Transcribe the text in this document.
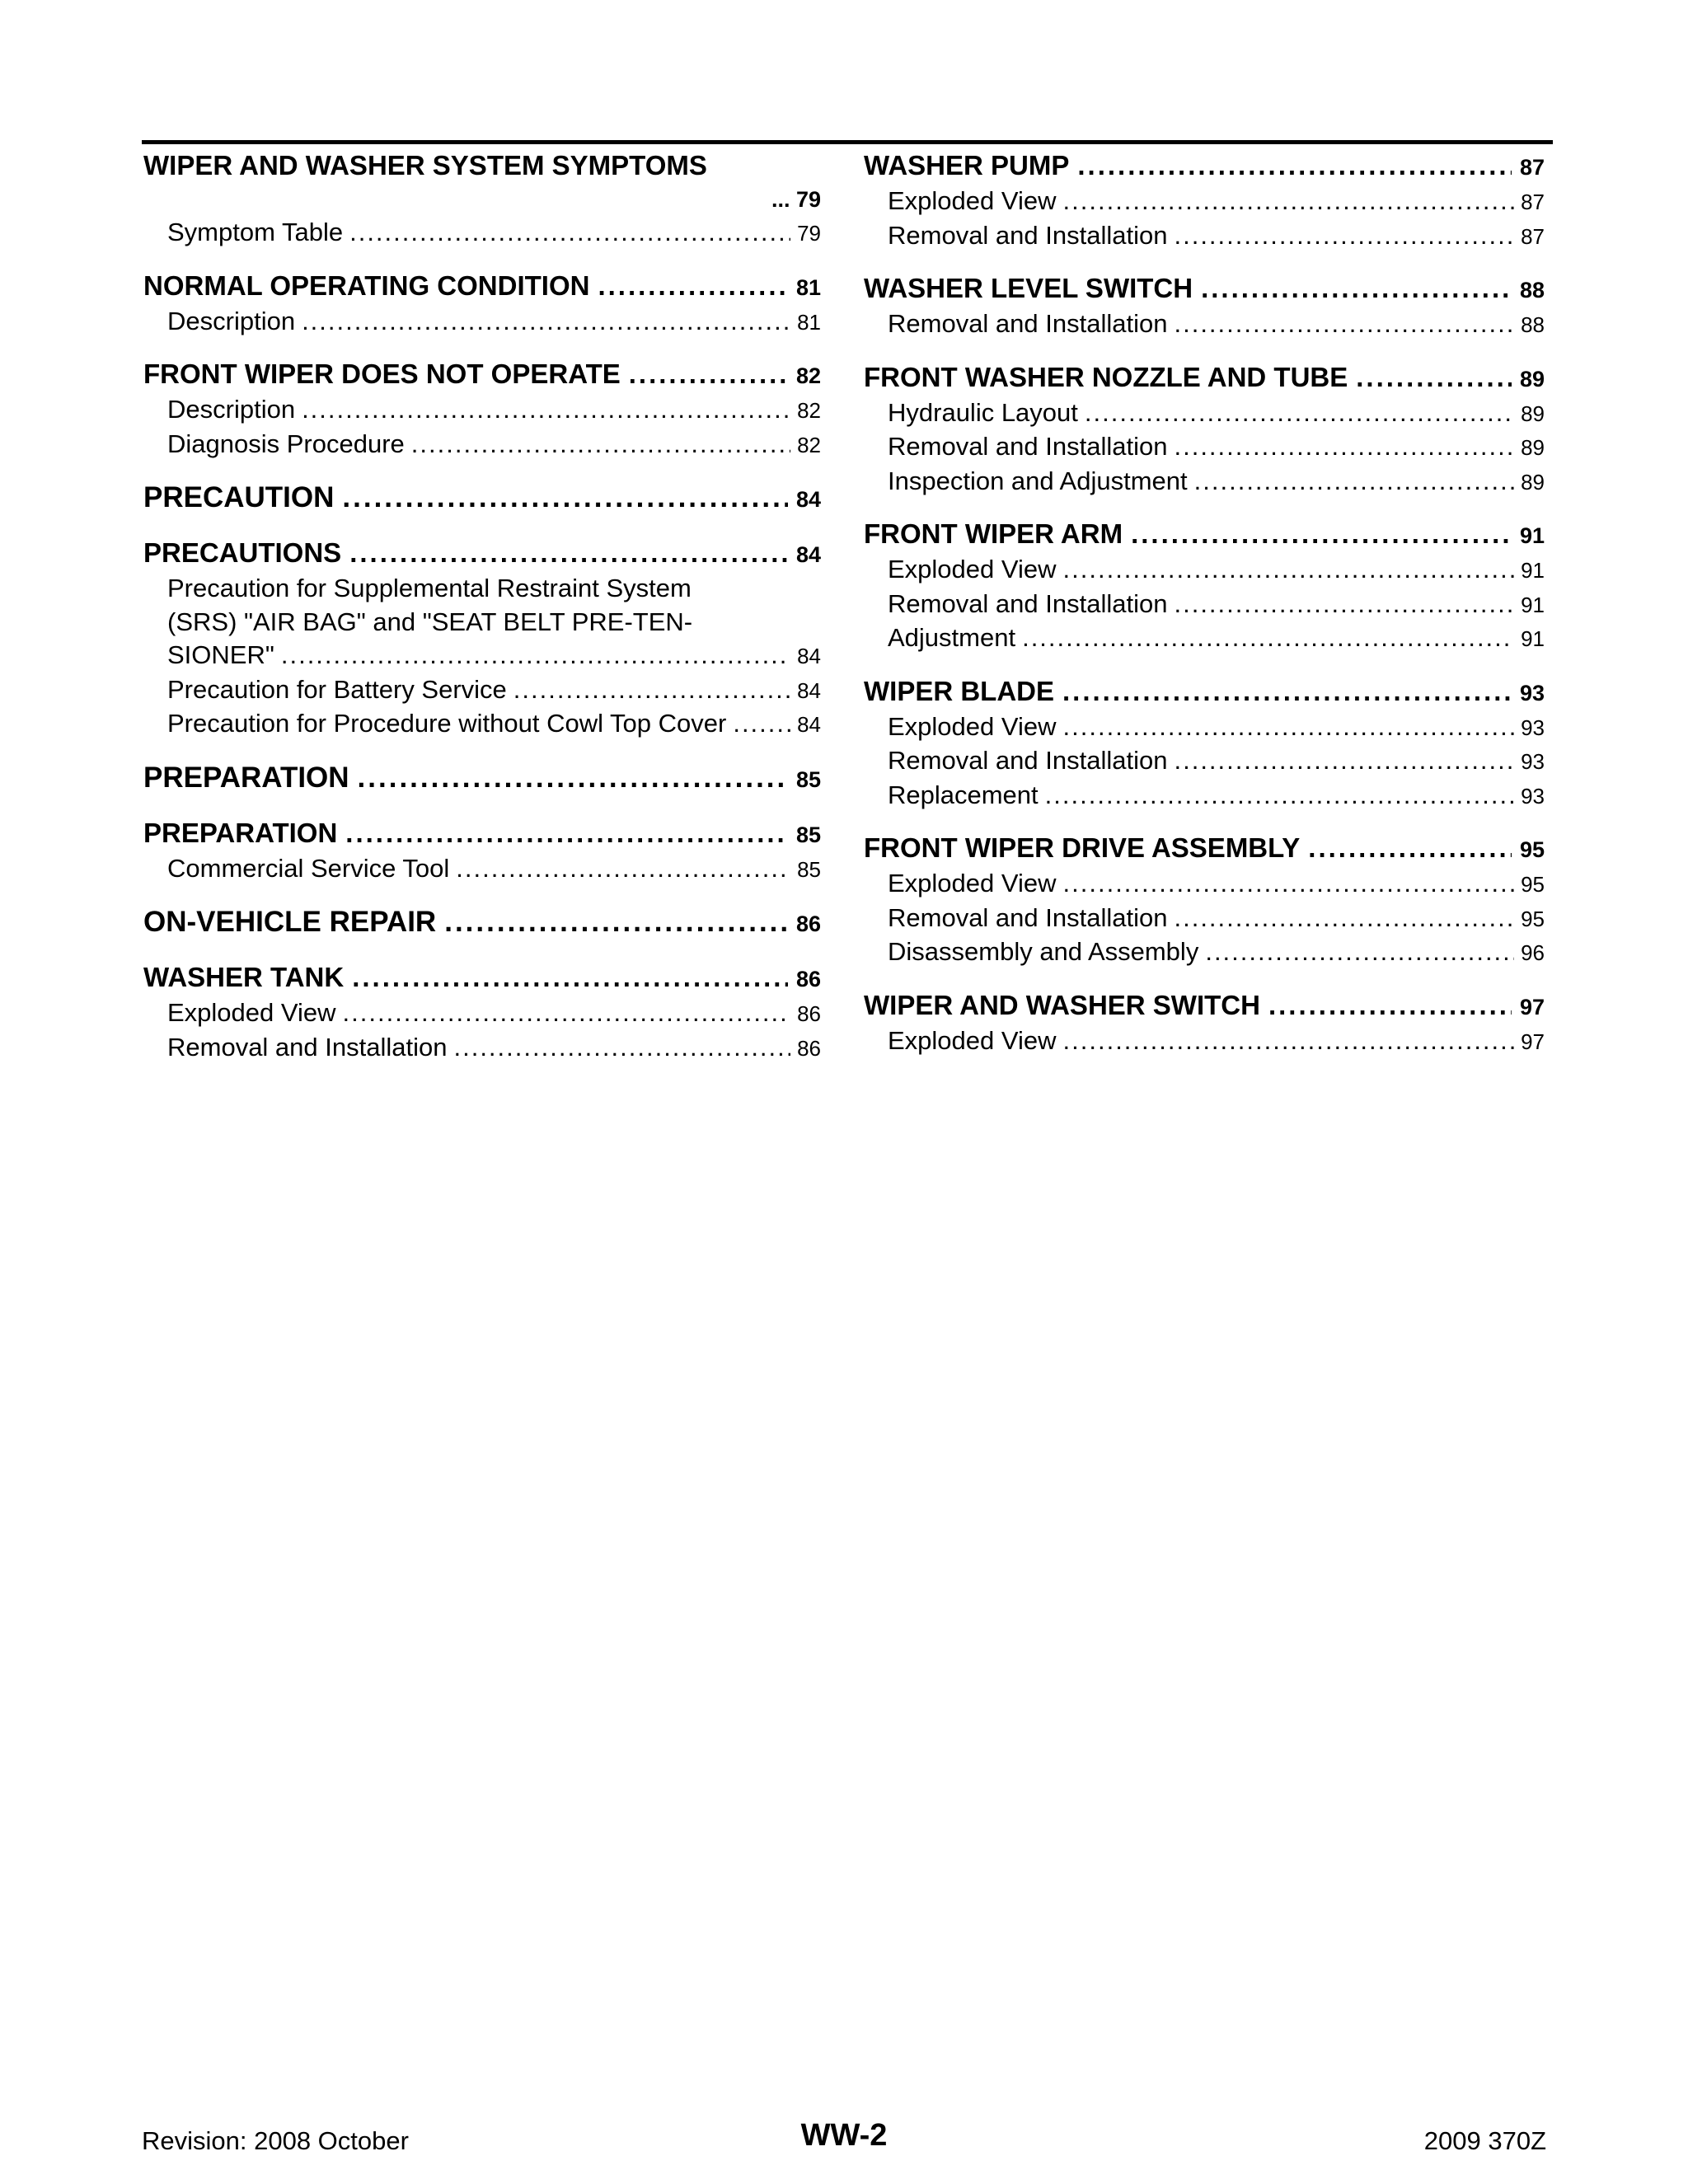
WIPER AND WASHER SYSTEM SYMPTOMS
... 79
Symptom Table .....	79
NORMAL OPERATING CONDITION .....	81
Description .....	81
FRONT WIPER DOES NOT OPERATE .....	82
Description .....	82
Diagnosis Procedure .....	82
PRECAUTION .....	84
PRECAUTIONS .....	84
Precaution for Supplemental Restraint System
(SRS) "AIR BAG" and "SEAT BELT PRE-TEN-
SIONER" .....	84
Precaution for Battery Service .....	84
Precaution for Procedure without Cowl Top Cover .....	84
PREPARATION .....	85
PREPARATION .....	85
Commercial Service Tool .....	85
ON-VEHICLE REPAIR .....	86
WASHER TANK .....	86
Exploded View .....	86
Removal and Installation .....	86
WASHER PUMP .....	87
Exploded View .....	87
Removal and Installation .....	87
WASHER LEVEL SWITCH .....	88
Removal and Installation .....	88
FRONT WASHER NOZZLE AND TUBE .....	89
Hydraulic Layout .....	89
Removal and Installation .....	89
Inspection and Adjustment .....	89
FRONT WIPER ARM .....	91
Exploded View .....	91
Removal and Installation .....	91
Adjustment .....	91
WIPER BLADE .....	93
Exploded View .....	93
Removal and Installation .....	93
Replacement .....	93
FRONT WIPER DRIVE ASSEMBLY .....	95
Exploded View .....	95
Removal and Installation .....	95
Disassembly and Assembly .....	96
WIPER AND WASHER SWITCH .....	97
Exploded View .....	97
Revision: 2008 October	WW-2	2009 370Z
